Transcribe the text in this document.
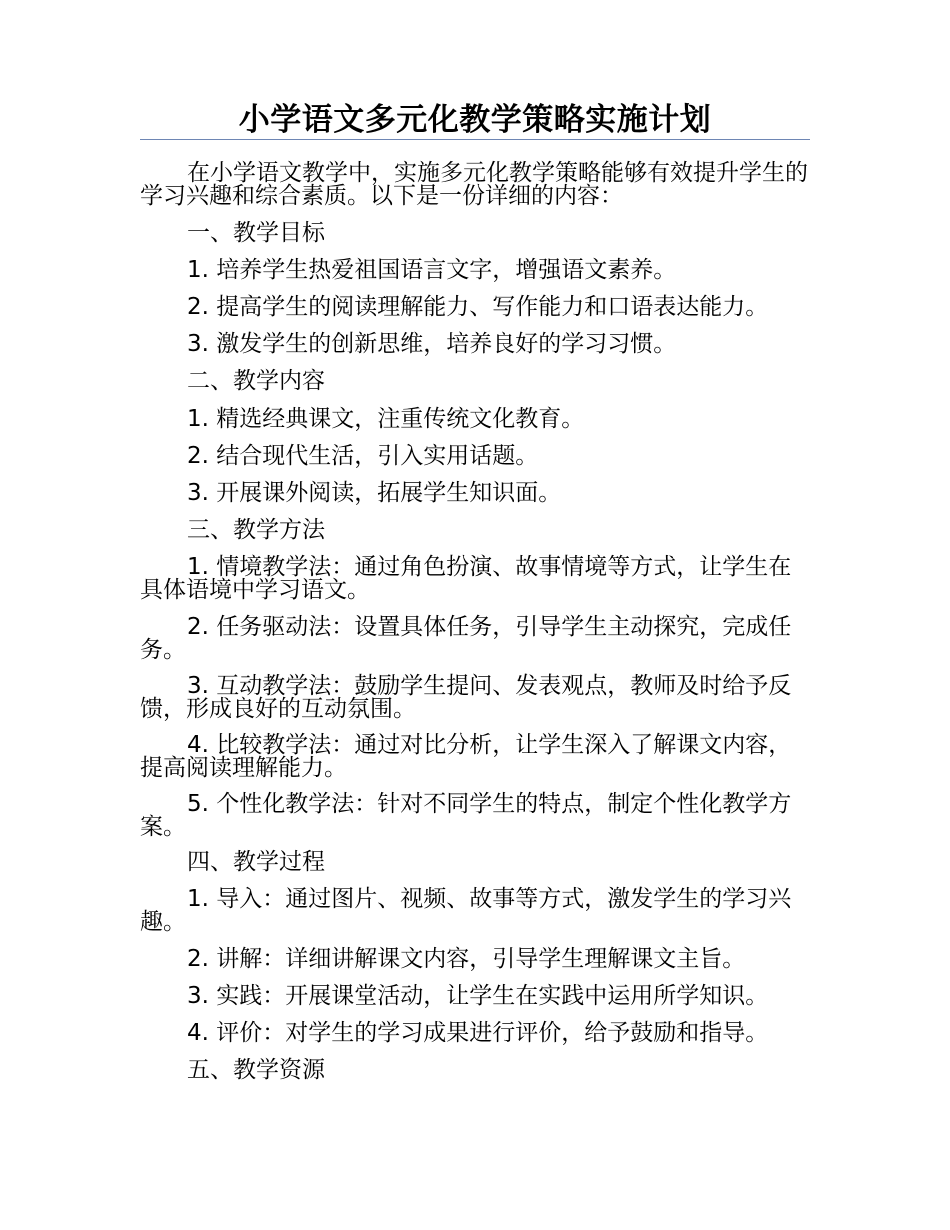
小学语文多元化教学策略实施计划

在小学语文教学中，实施多元化教学策略能够有效提升学生的学习兴趣和综合素质。以下是一份详细的内容：

一、教学目标

1. 培养学生热爱祖国语言文字，增强语文素养。

2. 提高学生的阅读理解能力、写作能力和口语表达能力。

3. 激发学生的创新思维，培养良好的学习习惯。

二、教学内容

1. 精选经典课文，注重传统文化教育。

2. 结合现代生活，引入实用话题。

3. 开展课外阅读，拓展学生知识面。

三、教学方法

1. 情境教学法：通过角色扮演、故事情境等方式，让学生在具体语境中学习语文。

2. 任务驱动法：设置具体任务，引导学生主动探究，完成任务。

3. 互动教学法：鼓励学生提问、发表观点，教师及时给予反馈，形成良好的互动氛围。

4. 比较教学法：通过对比分析，让学生深入了解课文内容，提高阅读理解能力。

5. 个性化教学法：针对不同学生的特点，制定个性化教学方案。

四、教学过程

1. 导入：通过图片、视频、故事等方式，激发学生的学习兴趣。

2. 讲解：详细讲解课文内容，引导学生理解课文主旨。

3. 实践：开展课堂活动，让学生在实践中运用所学知识。

4. 评价：对学生的学习成果进行评价，给予鼓励和指导。

五、教学资源
